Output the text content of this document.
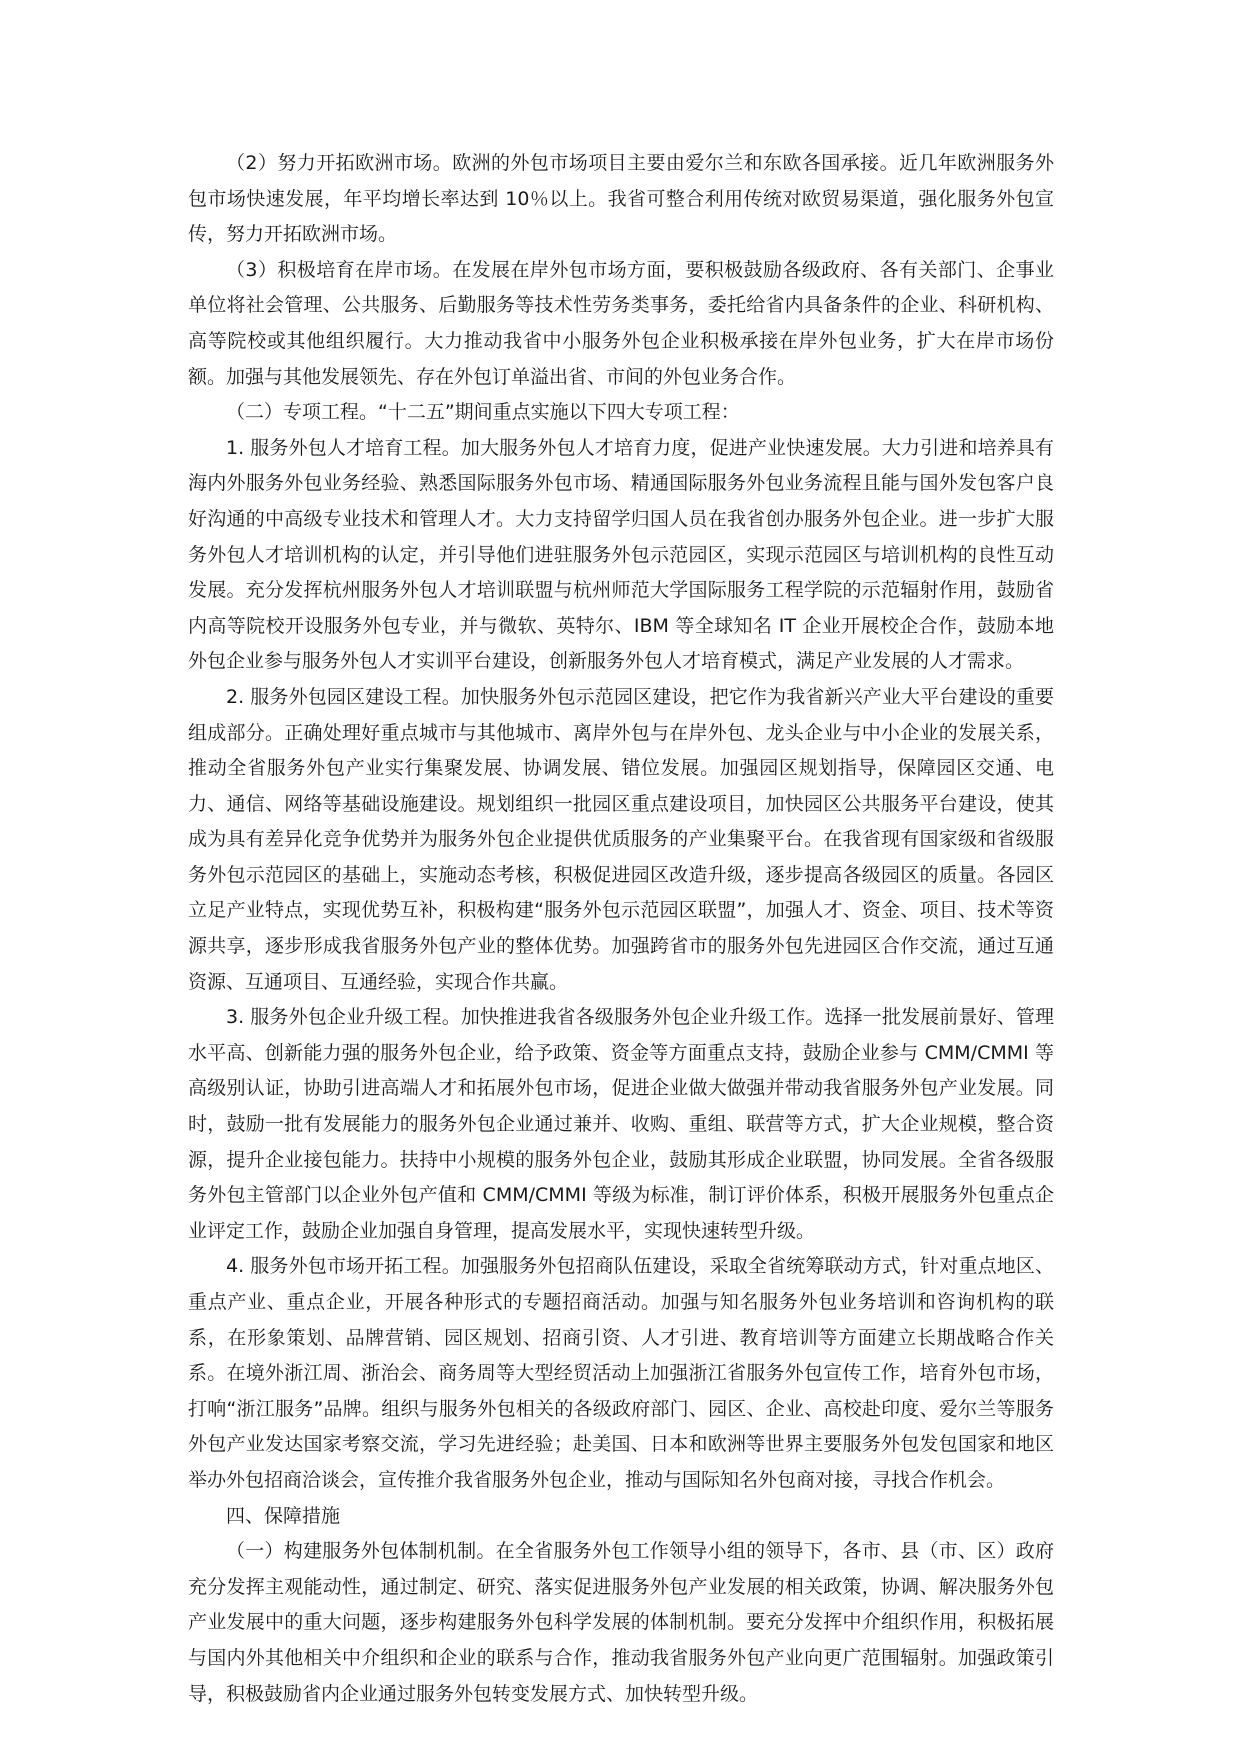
（2）努力开拓欧洲市场。欧洲的外包市场项目主要由爱尔兰和东欧各国承接。近几年欧洲服务外包市场快速发展，年平均增长率达到 10％以上。我省可整合利用传统对欧贸易渠道，强化服务外包宣传，努力开拓欧洲市场。

（3）积极培育在岸市场。在发展在岸外包市场方面，要积极鼓励各级政府、各有关部门、企事业单位将社会管理、公共服务、后勤服务等技术性劳务类事务，委托给省内具备条件的企业、科研机构、高等院校或其他组织履行。大力推动我省中小服务外包企业积极承接在岸外包业务，扩大在岸市场份额。加强与其他发展领先、存在外包订单溢出省、市间的外包业务合作。

（二）专项工程。“十二五”期间重点实施以下四大专项工程：

1. 服务外包人才培育工程。加大服务外包人才培育力度，促进产业快速发展。大力引进和培养具有海内外服务外包业务经验、熟悉国际服务外包市场、精通国际服务外包业务流程且能与国外发包客户良好沟通的中高级专业技术和管理人才。大力支持留学归国人员在我省创办服务外包企业。进一步扩大服务外包人才培训机构的认定，并引导他们进驻服务外包示范园区，实现示范园区与培训机构的良性互动发展。充分发挥杭州服务外包人才培训联盟与杭州师范大学国际服务工程学院的示范辐射作用，鼓励省内高等院校开设服务外包专业，并与微软、英特尔、IBM 等全球知名 IT 企业开展校企合作，鼓励本地外包企业参与服务外包人才实训平台建设，创新服务外包人才培育模式，满足产业发展的人才需求。

2. 服务外包园区建设工程。加快服务外包示范园区建设，把它作为我省新兴产业大平台建设的重要组成部分。正确处理好重点城市与其他城市、离岸外包与在岸外包、龙头企业与中小企业的发展关系，推动全省服务外包产业实行集聚发展、协调发展、错位发展。加强园区规划指导，保障园区交通、电力、通信、网络等基础设施建设。规划组织一批园区重点建设项目，加快园区公共服务平台建设，使其成为具有差异化竞争优势并为服务外包企业提供优质服务的产业集聚平台。在我省现有国家级和省级服务外包示范园区的基础上，实施动态考核，积极促进园区改造升级，逐步提高各级园区的质量。各园区立足产业特点，实现优势互补，积极构建“服务外包示范园区联盟”，加强人才、资金、项目、技术等资源共享，逐步形成我省服务外包产业的整体优势。加强跨省市的服务外包先进园区合作交流，通过互通资源、互通项目、互通经验，实现合作共赢。

3. 服务外包企业升级工程。加快推进我省各级服务外包企业升级工作。选择一批发展前景好、管理水平高、创新能力强的服务外包企业，给予政策、资金等方面重点支持，鼓励企业参与 CMM/CMMI 等高级别认证，协助引进高端人才和拓展外包市场，促进企业做大做强并带动我省服务外包产业发展。同时，鼓励一批有发展能力的服务外包企业通过兼并、收购、重组、联营等方式，扩大企业规模，整合资源，提升企业接包能力。扶持中小规模的服务外包企业，鼓励其形成企业联盟，协同发展。全省各级服务外包主管部门以企业外包产值和 CMM/CMMI 等级为标准，制订评价体系，积极开展服务外包重点企业评定工作，鼓励企业加强自身管理，提高发展水平，实现快速转型升级。

4. 服务外包市场开拓工程。加强服务外包招商队伍建设，采取全省统筹联动方式，针对重点地区、重点产业、重点企业，开展各种形式的专题招商活动。加强与知名服务外包业务培训和咨询机构的联系，在形象策划、品牌营销、园区规划、招商引资、人才引进、教育培训等方面建立长期战略合作关系。在境外浙江周、浙治会、商务周等大型经贸活动上加强浙江省服务外包宣传工作，培育外包市场，打响“浙江服务”品牌。组织与服务外包相关的各级政府部门、园区、企业、高校赴印度、爱尔兰等服务外包产业发达国家考察交流，学习先进经验；赴美国、日本和欧洲等世界主要服务外包发包国家和地区举办外包招商洽谈会，宣传推介我省服务外包企业，推动与国际知名外包商对接，寻找合作机会。

四、保障措施

（一）构建服务外包体制机制。在全省服务外包工作领导小组的领导下，各市、县（市、区）政府充分发挥主观能动性，通过制定、研究、落实促进服务外包产业发展的相关政策，协调、解决服务外包产业发展中的重大问题，逐步构建服务外包科学发展的体制机制。要充分发挥中介组织作用，积极拓展与国内外其他相关中介组织和企业的联系与合作，推动我省服务外包产业向更广范围辐射。加强政策引导，积极鼓励省内企业通过服务外包转变发展方式、加快转型升级。
